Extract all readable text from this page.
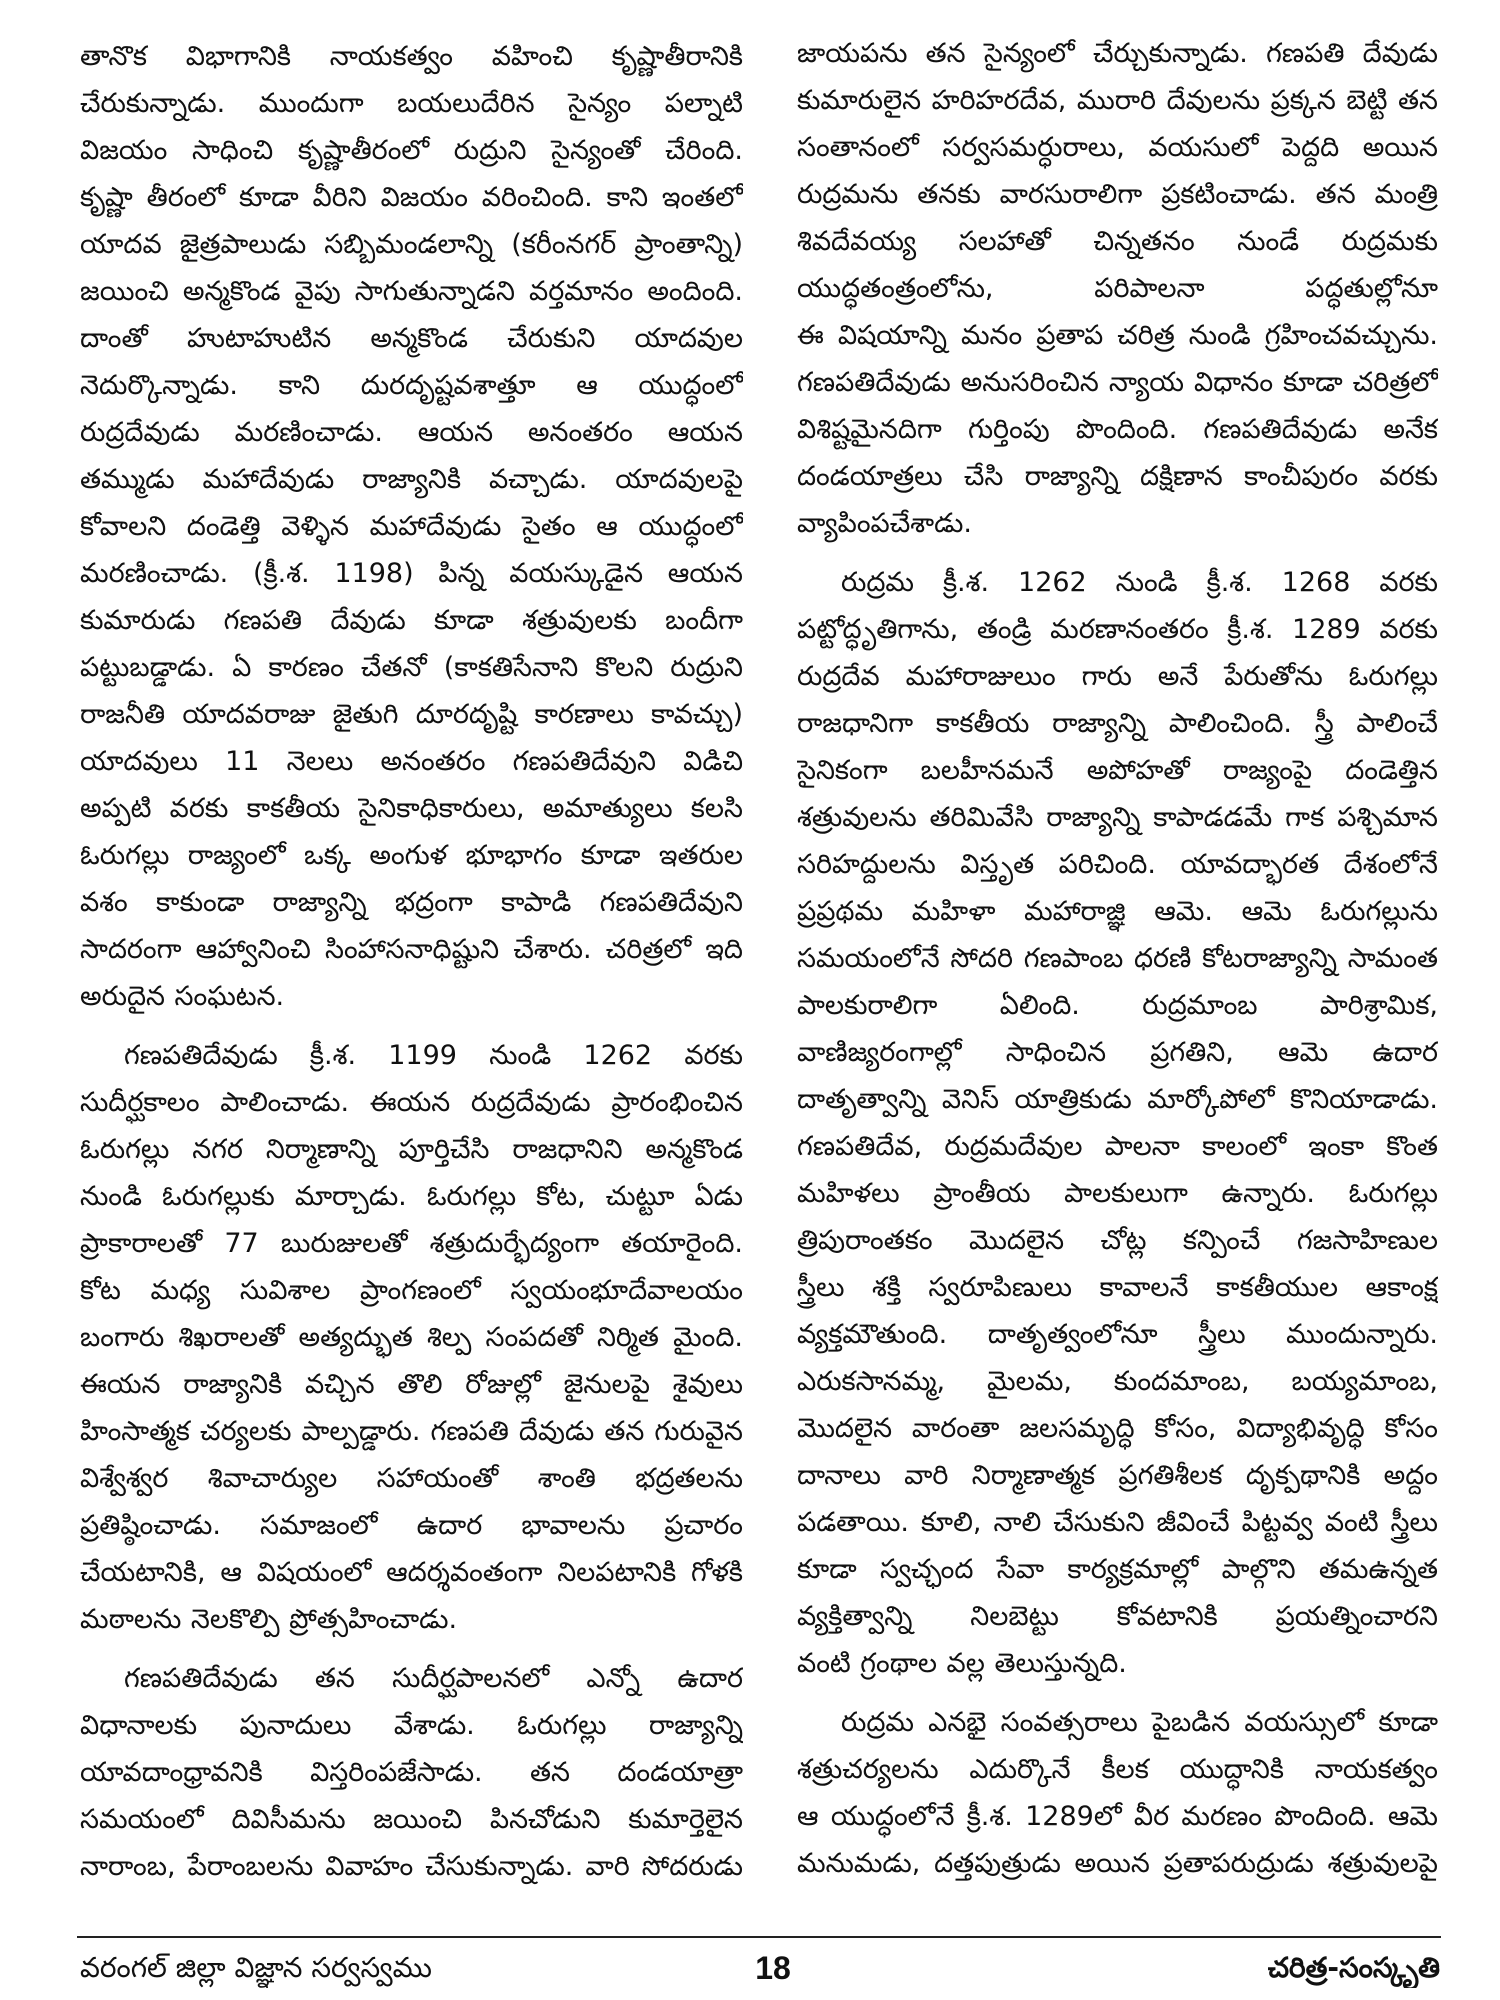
తానొక విభాగానికి నాయకత్వం వహించి కృష్ణాతీరానికి
చేరుకున్నాడు. ముందుగా బయలుదేరిన సైన్యం పల్నాటి
విజయం సాధించి కృష్ణాతీరంలో రుద్రుని సైన్యంతో చేరింది.
కృష్ణా తీరంలో కూడా వీరిని విజయం వరించింది. కాని ఇంతలో
యాదవ జైత్రపాలుడు సబ్బిమండలాన్ని (కరీంనగర్ ప్రాంతాన్ని)
జయించి అన్మకొండ వైపు సాగుతున్నాడని వర్తమానం అందింది.
దాంతో హుటాహుటిన అన్మకొండ చేరుకుని యాదవుల
నెదుర్కొన్నాడు. కాని దురదృష్టవశాత్తూ ఆ యుద్ధంలో
రుద్రదేవుడు మరణించాడు. ఆయన అనంతరం ఆయన
తమ్ముడు మహాదేవుడు రాజ్యానికి వచ్చాడు. యాదవులపై
కోవాలని దండెత్తి వెళ్ళిన మహాదేవుడు సైతం ఆ యుద్ధంలో
మరణించాడు. (క్రీ.శ. 1198) పిన్న వయస్కుడైన ఆయన
కుమారుడు గణపతి దేవుడు కూడా శత్రువులకు బందీగా
పట్టుబడ్డాడు. ఏ కారణం చేతనో (కాకతిసేనాని కొలని రుద్రుని
రాజనీతి యాదవరాజు జైతుగి దూరదృష్టి కారణాలు కావచ్చు)
యాదవులు 11 నెలలు అనంతరం గణపతిదేవుని విడిచి
అప్పటి వరకు కాకతీయ సైనికాధికారులు, అమాత్యులు కలసి
ఓరుగల్లు రాజ్యంలో ఒక్క అంగుళ భూభాగం కూడా ఇతరుల
వశం కాకుండా రాజ్యాన్ని భద్రంగా కాపాడి గణపతిదేవుని
సాదరంగా ఆహ్వానించి సింహాసనాధిష్టుని చేశారు. చరిత్రలో ఇది
అరుదైన సంఘటన.
గణపతిదేవుడు క్రీ.శ. 1199 నుండి 1262 వరకు
సుదీర్ఘకాలం పాలించాడు. ఈయన రుద్రదేవుడు ప్రారంభించిన
ఓరుగల్లు నగర నిర్మాణాన్ని పూర్తిచేసి రాజధానిని అన్మకొండ
నుండి ఓరుగల్లుకు మార్చాడు. ఓరుగల్లు కోట, చుట్టూ ఏడు
ప్రాకారాలతో 77 బురుజులతో శత్రుదుర్భేద్యంగా తయారైంది.
కోట మధ్య సువిశాల ప్రాంగణంలో స్వయంభూదేవాలయం
బంగారు శిఖరాలతో అత్యద్భుత శిల్ప సంపదతో నిర్మిత మైంది.
ఈయన రాజ్యానికి వచ్చిన తొలి రోజుల్లో జైనులపై శైవులు
హింసాత్మక చర్యలకు పాల్పడ్డారు. గణపతి దేవుడు తన గురువైన
విశ్వేశ్వర శివాచార్యుల సహాయంతో శాంతి భద్రతలను
ప్రతిష్ఠించాడు. సమాజంలో ఉదార భావాలను ప్రచారం
చేయటానికి, ఆ విషయంలో ఆదర్శవంతంగా నిలపటానికి గోళకి
మఠాలను నెలకొల్పి ప్రోత్సహించాడు.
గణపతిదేవుడు తన సుదీర్ఘపాలనలో ఎన్నో ఉదార
విధానాలకు పునాదులు వేశాడు. ఓరుగల్లు రాజ్యాన్ని
యావదాంధ్రావనికి విస్తరింపజేసాడు. తన దండయాత్రా
సమయంలో దివిసీమను జయించి పినచోడుని కుమార్తెలైన
నారాంబ, పేరాంబలను వివాహం చేసుకున్నాడు. వారి సోదరుడు
జాయపను తన సైన్యంలో చేర్చుకున్నాడు. గణపతి దేవుడు
కుమారులైన హరిహరదేవ, మురారి దేవులను ప్రక్కన బెట్టి తన
సంతానంలో సర్వసమర్ధురాలు, వయసులో పెద్దది అయిన
రుద్రమను తనకు వారసురాలిగా ప్రకటించాడు. తన మంత్రి
శివదేవయ్య సలహాతో చిన్నతనం నుండే రుద్రమకు
యుద్ధతంత్రంలోను, పరిపాలనా పద్ధతుల్లోనూ
ఈ విషయాన్ని మనం ప్రతాప చరిత్ర నుండి గ్రహించవచ్చును.
గణపతిదేవుడు అనుసరించిన న్యాయ విధానం కూడా చరిత్రలో
విశిష్టమైనదిగా గుర్తింపు పొందింది. గణపతిదేవుడు అనేక
దండయాత్రలు చేసి రాజ్యాన్ని దక్షిణాన కాంచీపురం వరకు
వ్యాపింపచేశాడు.
రుద్రమ క్రీ.శ. 1262 నుండి క్రీ.శ. 1268 వరకు
పట్టోద్ధృతిగాను, తండ్రి మరణానంతరం క్రీ.శ. 1289 వరకు
రుద్రదేవ మహారాజులుం గారు అనే పేరుతోను ఓరుగల్లు
రాజధానిగా కాకతీయ రాజ్యాన్ని పాలించింది. స్త్రీ పాలించే
సైనికంగా బలహీనమనే అపోహతో రాజ్యంపై దండెత్తిన
శత్రువులను తరిమివేసి రాజ్యాన్ని కాపాడడమే గాక పశ్చిమాన
సరిహద్దులను విస్తృత పరిచింది. యావద్భారత దేశంలోనే
ప్రప్రథమ మహిళా మహారాజ్ఞి ఆమె. ఆమె ఓరుగల్లును
సమయంలోనే సోదరి గణపాంబ ధరణి కోటరాజ్యాన్ని సామంత
పాలకురాలిగా ఏలింది. రుద్రమాంబ పారిశ్రామిక,
వాణిజ్యరంగాల్లో సాధించిన ప్రగతిని, ఆమె ఉదార
దాతృత్వాన్ని వెనిస్ యాత్రికుడు మార్కోపోలో కొనియాడాడు.
గణపతిదేవ, రుద్రమదేవుల పాలనా కాలంలో ఇంకా కొంత
మహిళలు ప్రాంతీయ పాలకులుగా ఉన్నారు. ఓరుగల్లు
త్రిపురాంతకం మొదలైన చోట్ల కన్పించే గజసాహిణుల
స్త్రీలు శక్తి స్వరూపిణులు కావాలనే కాకతీయుల ఆకాంక్ష
వ్యక్తమౌతుంది. దాతృత్వంలోనూ స్త్రీలు ముందున్నారు.
ఎరుకసానమ్మ, మైలమ, కుందమాంబ, బయ్యమాంబ,
మొదలైన వారంతా జలసమృద్ధి కోసం, విద్యాభివృద్ధి కోసం
దానాలు వారి నిర్మాణాత్మక ప్రగతిశీలక దృక్పథానికి అద్దం
పడతాయి. కూలి, నాలి చేసుకుని జీవించే పిట్టవ్వ వంటి స్త్రీలు
కూడా స్వచ్ఛంద సేవా కార్యక్రమాల్లో పాల్గొని తమఉన్నత
వ్యక్తిత్వాన్ని నిలబెట్టు కోవటానికి ప్రయత్నించారని
వంటి గ్రంథాల వల్ల తెలుస్తున్నది.
రుద్రమ ఎనభై సంవత్సరాలు పైబడిన వయస్సులో కూడా
శత్రుచర్యలను ఎదుర్కొనే కీలక యుద్ధానికి నాయకత్వం
ఆ యుద్ధంలోనే క్రీ.శ. 1289లో వీర మరణం పొందింది. ఆమె
మనుమడు, దత్తపుత్రుడు అయిన ప్రతాపరుద్రుడు శత్రువులపై
వరంగల్ జిల్లా విజ్ఞాన సర్వస్వము	18	చరిత్ర-సంస్కృతి
